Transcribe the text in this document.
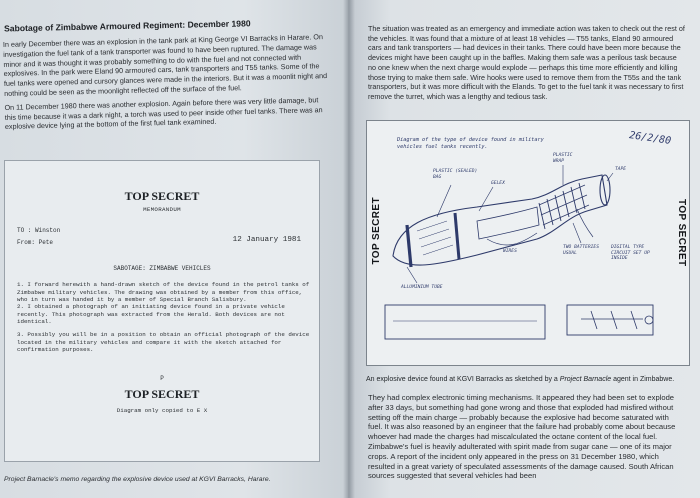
Sabotage of Zimbabwe Armoured Regiment: December 1980

In early December there was an explosion in the tank park at King George VI Barracks in Harare. On investigation the fuel tank of a tank transporter was found to have been ruptured. The damage was minor and it was thought it was probably something to do with the fuel and not connected with explosives. In the park were Eland 90 armoured cars, tank transporters and T55 tanks. Some of the fuel tanks were opened and cursory glances were made in the interiors. But it was a moonlit night and nothing could be seen as the moonlight reflected off the surface of the fuel.

On 11 December 1980 there was another explosion. Again before there was very little damage, but this time because it was a dark night, a torch was used to peer inside other fuel tanks. There was an explosive device lying at the bottom of the first fuel tank examined.

TOP SECRET
MEMORANDUM
TO : Winston
From: Pete	12 January 1981
SABOTAGE: ZIMBABWE VEHICLES
1. I forward herewith a hand-drawn sketch of the device found in the petrol tanks of Zimbabwe military vehicles. The drawing was obtained by a member from this office, who in turn was handed it by a member of Special Branch Salisbury.
2. I obtained a photograph of an initiating device found in a private vehicle recently. This photograph was extracted from the Herald. Both devices are not identical.
3. Possibly you will be in a position to obtain an official photograph of the device located in the military vehicles and compare it with the sketch attached for confirmation purposes.
P
TOP SECRET
Diagram only copied to E X
Project Barnacle's memo regarding the explosive device used at KGVI Barracks, Harare.
The situation was treated as an emergency and immediate action was taken to check out the rest of the vehicles. It was found that a mixture of at least 18 vehicles — T55 tanks, Eland 90 armoured cars and tank transporters — had devices in their tanks. There could have been more because the devices might have been caught up in the baffles. Making them safe was a perilous task because no one knew when the next charge would explode — perhaps this time more efficiently and killing those trying to make them safe. Wire hooks were used to remove them from the T55s and the tank transporters, but it was more difficult with the Elands. To get to the fuel tank it was necessary to first remove the turret, which was a lengthy and tedious task.
TOP SECRET	TOP SECRET
Diagram of the type of device found in military vehicles fuel tanks recently.
26/2/80
PLASTIC (SEALED) BAG
GELEX
PLASTIC WRAP
TAPE
WIRES
ALLUMINIUM TUBE
TWO BATTERIES USUAL
DIGITAL TYPE CIRCUIT SET UP INSIDE
An explosive device found at KGVI Barracks as sketched by a Project Barnacle agent in Zimbabwe.
They had complex electronic timing mechanisms. It appeared they had been set to explode after 33 days, but something had gone wrong and those that exploded had misfired without setting off the main charge — probably because the explosive had become saturated with fuel. It was also reasoned by an engineer that the failure had probably come about because whoever had made the charges had miscalculated the octane content of the local fuel. Zimbabwe's fuel is heavily adulterated with spirit made from sugar cane — one of its major crops. A report of the incident only appeared in the press on 31 December 1980, which resulted in a great variety of speculated assessments of the damage caused. South African sources suggested that several vehicles had been
